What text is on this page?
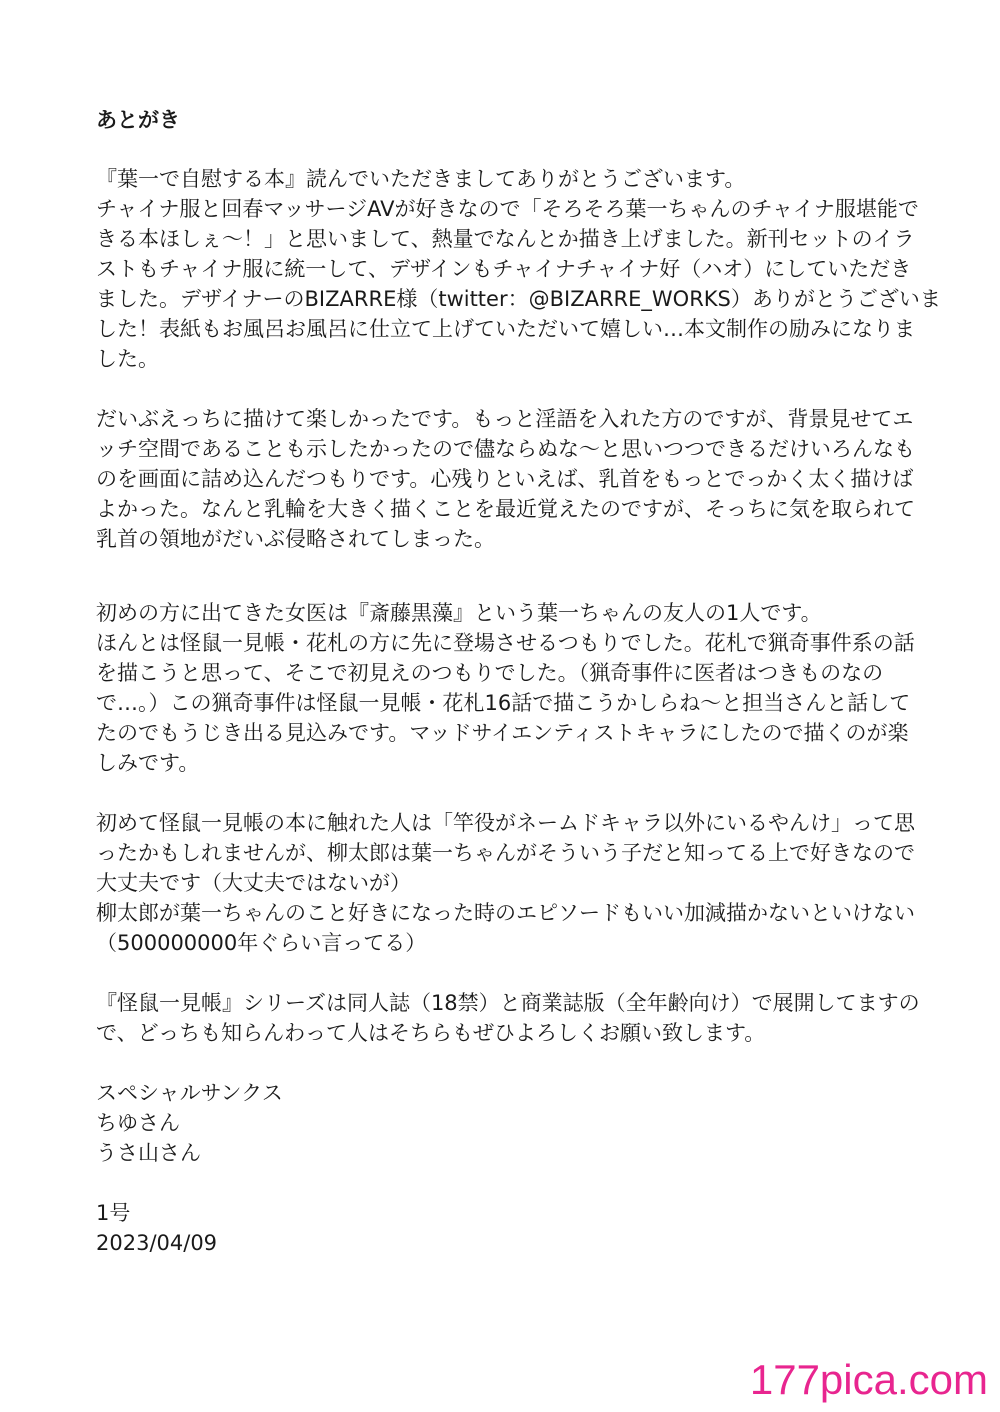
あとがき
『葉一で自慰する本』読んでいただきましてありがとうございます。
チャイナ服と回春マッサージAVが好きなので「そろそろ葉一ちゃんのチャイナ服堪能で
きる本ほしぇ〜！」と思いまして、熱量でなんとか描き上げました。新刊セットのイラ
ストもチャイナ服に統一して、デザインもチャイナチャイナ好（ハオ）にしていただき
ました。デザイナーのBIZARRE様（twitter：@BIZARRE_WORKS）ありがとうございま
した！表紙もお風呂お風呂に仕立て上げていただいて嬉しい…本文制作の励みになりま
した。
だいぶえっちに描けて楽しかったです。もっと淫語を入れた方のですが、背景見せてエ
ッチ空間であることも示したかったので儘ならぬな〜と思いつつできるだけいろんなも
のを画面に詰め込んだつもりです。心残りといえば、乳首をもっとでっかく太く描けば
よかった。なんと乳輪を大きく描くことを最近覚えたのですが、そっちに気を取られて
乳首の領地がだいぶ侵略されてしまった。
初めの方に出てきた女医は『斎藤黒藻』という葉一ちゃんの友人の1人です。
ほんとは怪鼠一見帳・花札の方に先に登場させるつもりでした。花札で猟奇事件系の話
を描こうと思って、そこで初見えのつもりでした。（猟奇事件に医者はつきものなの
で…。）この猟奇事件は怪鼠一見帳・花札16話で描こうかしらね〜と担当さんと話して
たのでもうじき出る見込みです。マッドサイエンティストキャラにしたので描くのが楽
しみです。
初めて怪鼠一見帳の本に触れた人は「竿役がネームドキャラ以外にいるやんけ」って思
ったかもしれませんが、柳太郎は葉一ちゃんがそういう子だと知ってる上で好きなので
大丈夫です（大丈夫ではないが）
柳太郎が葉一ちゃんのこと好きになった時のエピソードもいい加減描かないといけない
（500000000年ぐらい言ってる）
『怪鼠一見帳』シリーズは同人誌（18禁）と商業誌版（全年齢向け）で展開してますの
で、どっちも知らんわって人はそちらもぜひよろしくお願い致します。
スペシャルサンクス
ちゆさん
うさ山さん
1号
2023/04/09
177pica.com
